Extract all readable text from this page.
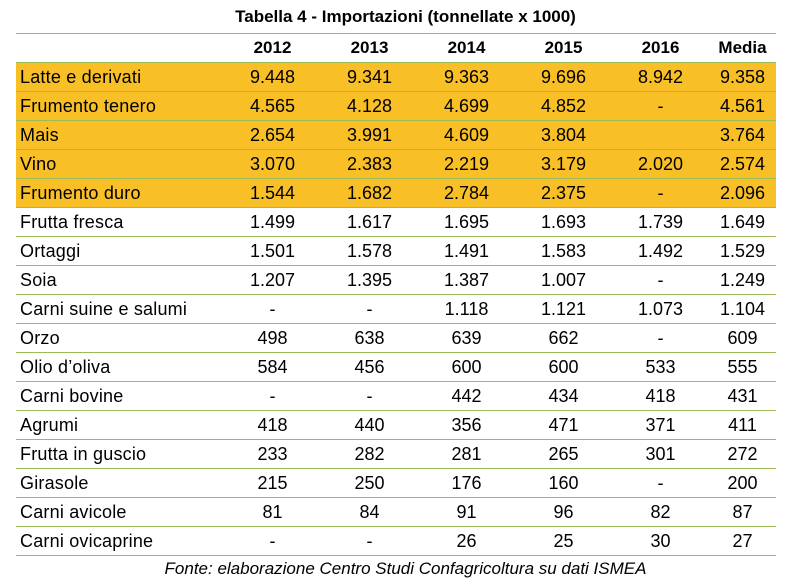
Tabella 4 - Importazioni (tonnellate x 1000)
	2012	2013	2014	2015	2016	Media
Latte e derivati	9.448	9.341	9.363	9.696	8.942	9.358
Frumento tenero	4.565	4.128	4.699	4.852	-	4.561
Mais	2.654	3.991	4.609	3.804		3.764
Vino	3.070	2.383	2.219	3.179	2.020	2.574
Frumento duro	1.544	1.682	2.784	2.375	-	2.096
Frutta fresca	1.499	1.617	1.695	1.693	1.739	1.649
Ortaggi	1.501	1.578	1.491	1.583	1.492	1.529
Soia	1.207	1.395	1.387	1.007	-	1.249
Carni suine e salumi	-	-	1.118	1.121	1.073	1.104
Orzo	498	638	639	662	-	609
Olio d’oliva	584	456	600	600	533	555
Carni bovine	-	-	442	434	418	431
Agrumi	418	440	356	471	371	411
Frutta in guscio	233	282	281	265	301	272
Girasole	215	250	176	160	-	200
Carni avicole	81	84	91	96	82	87
Carni ovicaprine	-	-	26	25	30	27
Fonte: elaborazione Centro Studi Confagricoltura su dati ISMEA
